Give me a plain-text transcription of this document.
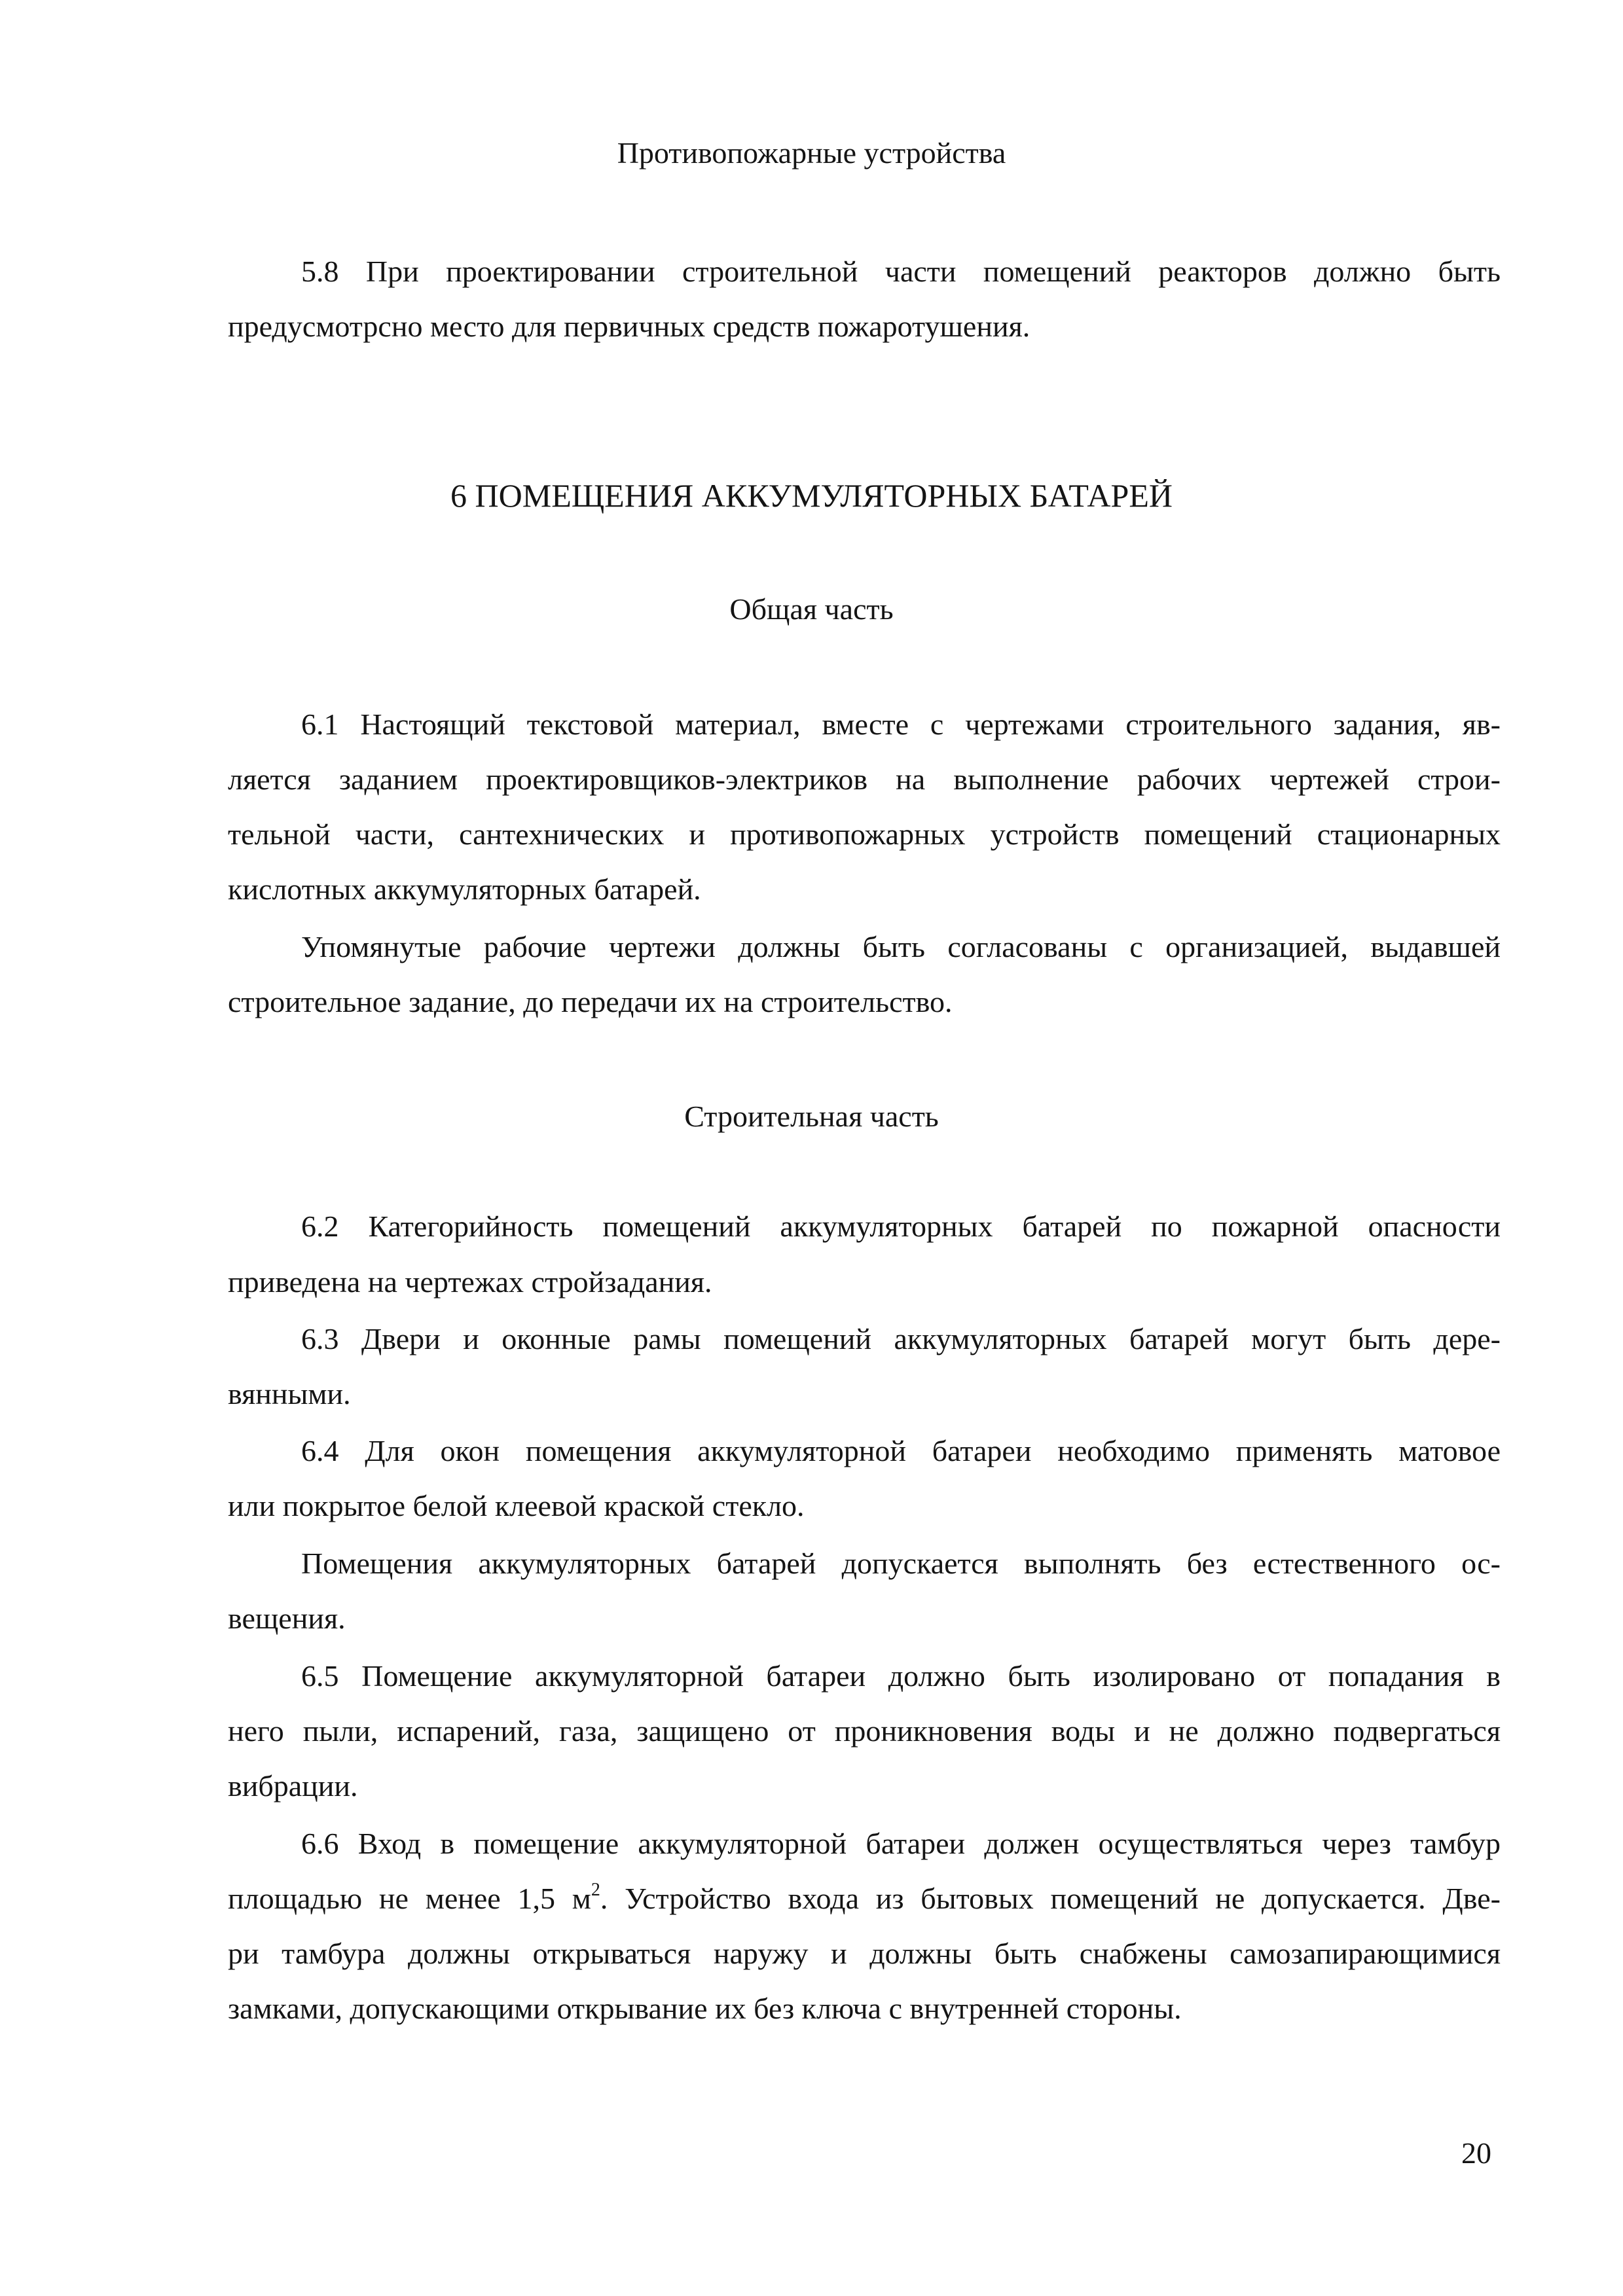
Противопожарные устройства
5.8 При проектировании строительной части помещений реакторов должно быть
предусмотрсно место для первичных средств пожаротушения.
6 ПОМЕЩЕНИЯ АККУМУЛЯТОРНЫХ БАТАРЕЙ
Общая часть
6.1 Настоящий текстовой материал, вместе с чертежами строительного задания, яв-
ляется заданием проектировщиков-электриков на выполнение рабочих чертежей строи-
тельной части, сантехнических и противопожарных устройств помещений стационарных
кислотных аккумуляторных батарей.
Упомянутые рабочие чертежи должны быть согласованы с организацией, выдавшей
строительное задание, до передачи их на строительство.
Строительная часть
6.2 Категорийность помещений аккумуляторных батарей по пожарной опасности
приведена на чертежах стройзадания.
6.3 Двери и оконные рамы помещений аккумуляторных батарей могут быть дере-
вянными.
6.4 Для окон помещения аккумуляторной батареи необходимо применять матовое
или покрытое белой клеевой краской стекло.
Помещения аккумуляторных батарей допускается выполнять без естественного ос-
вещения.
6.5 Помещение аккумуляторной батареи должно быть изолировано от попадания в
него пыли, испарений, газа, защищено от проникновения воды и не должно подвергаться
вибрации.
6.6 Вход в помещение аккумуляторной батареи должен осуществляться через тамбур
площадью не менее 1,5 $м^2$. Устройство входа из бытовых помещений не допускается. Две-
ри тамбура должны открываться наружу и должны быть снабжены самозапирающимися
замками, допускающими открывание их без ключа с внутренней стороны.
20
